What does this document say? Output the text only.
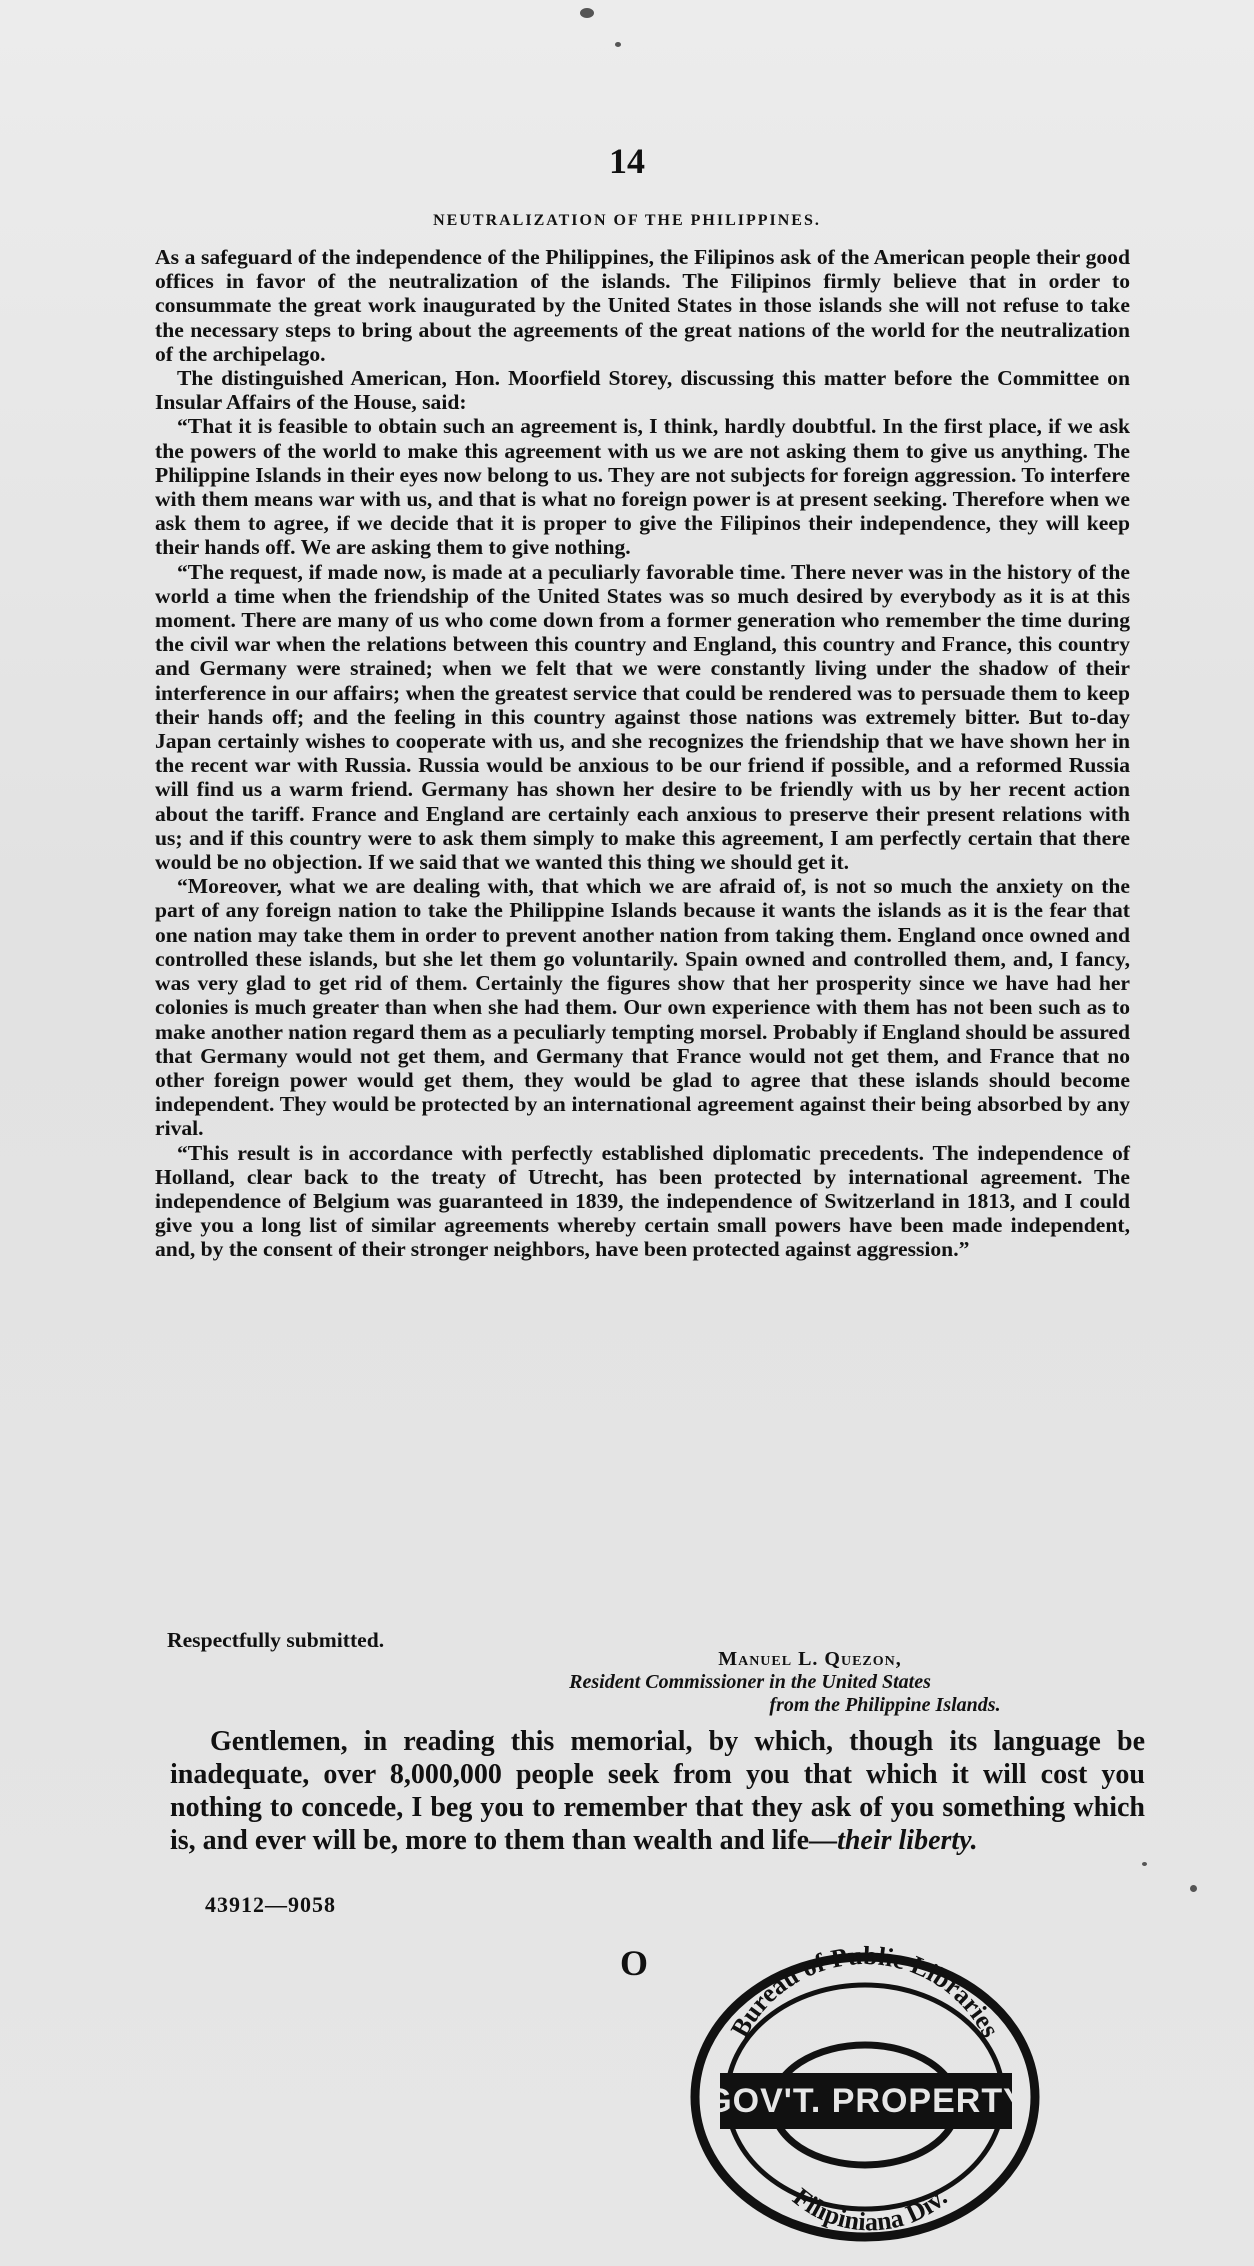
14
NEUTRALIZATION OF THE PHILIPPINES.

As a safeguard of the independence of the Philippines, the Filipinos ask of the American people their good offices in favor of the neutralization of the islands. The Filipinos firmly believe that in order to consummate the great work inaugurated by the United States in those islands she will not refuse to take the necessary steps to bring about the agreements of the great nations of the world for the neutralization of the archipelago.

The distinguished American, Hon. Moorfield Storey, discussing this matter before the Committee on Insular Affairs of the House, said:

“That it is feasible to obtain such an agreement is, I think, hardly doubtful. In the first place, if we ask the powers of the world to make this agreement with us we are not asking them to give us anything. The Philippine Islands in their eyes now belong to us. They are not subjects for foreign aggression. To interfere with them means war with us, and that is what no foreign power is at present seeking. Therefore when we ask them to agree, if we decide that it is proper to give the Filipinos their independence, they will keep their hands off. We are asking them to give nothing.

“The request, if made now, is made at a peculiarly favorable time. There never was in the history of the world a time when the friendship of the United States was so much desired by everybody as it is at this moment. There are many of us who come down from a former generation who remember the time during the civil war when the relations between this country and England, this country and France, this country and Germany were strained; when we felt that we were constantly living under the shadow of their interference in our affairs; when the greatest service that could be rendered was to persuade them to keep their hands off; and the feeling in this country against those nations was extremely bitter. But to-day Japan certainly wishes to cooperate with us, and she recognizes the friendship that we have shown her in the recent war with Russia. Russia would be anxious to be our friend if possible, and a reformed Russia will find us a warm friend. Germany has shown her desire to be friendly with us by her recent action about the tariff. France and England are certainly each anxious to preserve their present relations with us; and if this country were to ask them simply to make this agreement, I am perfectly certain that there would be no objection. If we said that we wanted this thing we should get it.

“Moreover, what we are dealing with, that which we are afraid of, is not so much the anxiety on the part of any foreign nation to take the Philippine Islands because it wants the islands as it is the fear that one nation may take them in order to prevent another nation from taking them. England once owned and controlled these islands, but she let them go voluntarily. Spain owned and controlled them, and, I fancy, was very glad to get rid of them. Certainly the figures show that her prosperity since we have had her colonies is much greater than when she had them. Our own experience with them has not been such as to make another nation regard them as a peculiarly tempting morsel. Probably if England should be assured that Germany would not get them, and Germany that France would not get them, and France that no other foreign power would get them, they would be glad to agree that these islands should become independent. They would be protected by an international agreement against their being absorbed by any rival.

“This result is in accordance with perfectly established diplomatic precedents. The independence of Holland, clear back to the treaty of Utrecht, has been protected by international agreement. The independence of Belgium was guaranteed in 1839, the independence of Switzerland in 1813, and I could give you a long list of similar agreements whereby certain small powers have been made independent, and, by the consent of their stronger neighbors, have been protected against aggression.”

Respectfully submitted.
Manuel L. Quezon,
Resident Commissioner in the United States
from the Philippine Islands.

Gentlemen, in reading this memorial, by which, though its language be inadequate, over 8,000,000 people seek from you that which it will cost you nothing to concede, I beg you to remember that they ask of you something which is, and ever will be, more to them than wealth and life—their liberty.

43912—9058
O
GOV'T. PROPERTY
Bureau of Public Libraries
Filipiniana Div.
